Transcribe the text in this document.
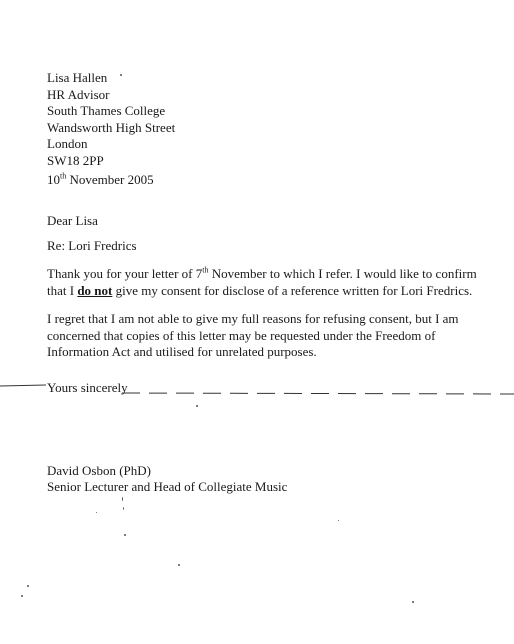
Lisa Hallen
HR Advisor
South Thames College
Wandsworth High Street
London
SW18 2PP
10th November 2005
Dear Lisa
Re: Lori Fredrics
Thank you for your letter of 7th November to which I refer. I would like to confirm
that I do not give my consent for disclose of a reference written for Lori Fredrics.
I regret that I am not able to give my full reasons for refusing consent, but I am
concerned that copies of this letter may be requested under the Freedom of
Information Act and utilised for unrelated purposes.
Yours sincerely
David Osbon (PhD)
Senior Lecturer and Head of Collegiate Music
